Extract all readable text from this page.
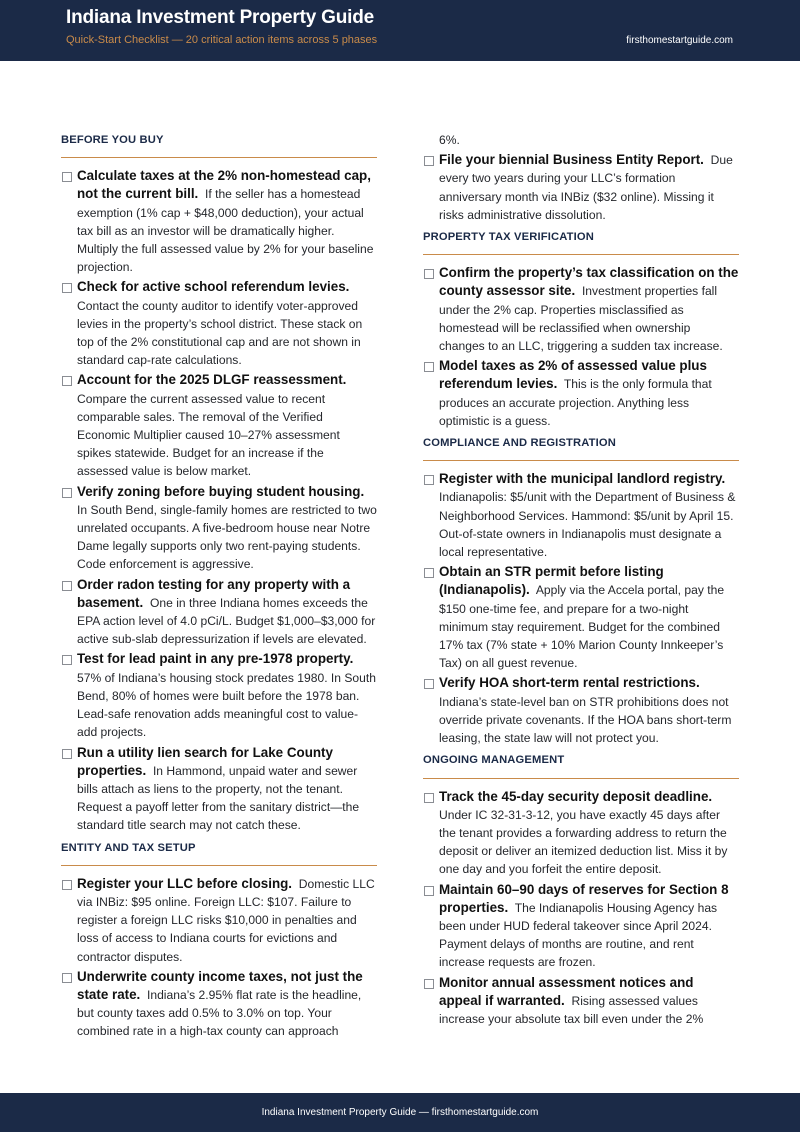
Indiana Investment Property Guide
Quick-Start Checklist — 20 critical action items across 5 phases	firsthomestartguide.com
BEFORE YOU BUY
Calculate taxes at the 2% non-homestead cap, not the current bill. If the seller has a homestead exemption (1% cap + $48,000 deduction), your actual tax bill as an investor will be dramatically higher. Multiply the full assessed value by 2% for your baseline projection.
Check for active school referendum levies.  Contact the county auditor to identify voter-approved levies in the property’s school district. These stack on top of the 2% constitutional cap and are not shown in standard cap-rate calculations.
Account for the 2025 DLGF reassessment.  Compare the current assessed value to recent comparable sales. The removal of the Verified Economic Multiplier caused 10–27% assessment spikes statewide. Budget for an increase if the assessed value is below market.
Verify zoning before buying student housing.  In South Bend, single-family homes are restricted to two unrelated occupants. A five-bedroom house near Notre Dame legally supports only two rent-paying students. Code enforcement is aggressive.
Order radon testing for any property with a basement. One in three Indiana homes exceeds the EPA action level of 4.0 pCi/L. Budget $1,000–$3,000 for active sub-slab depressurization if levels are elevated.
Test for lead paint in any pre-1978 property.  57% of Indiana’s housing stock predates 1980. In South Bend, 80% of homes were built before the 1978 ban. Lead-safe renovation adds meaningful cost to value-add projects.
Run a utility lien search for Lake County properties. In Hammond, unpaid water and sewer bills attach as liens to the property, not the tenant. Request a payoff letter from the sanitary district—the standard title search may not catch these.
ENTITY AND TAX SETUP
Register your LLC before closing. Domestic LLC via INBiz: $95 online. Foreign LLC: $107. Failure to register a foreign LLC risks $10,000 in penalties and loss of access to Indiana courts for evictions and contractor disputes.
Underwrite county income taxes, not just the state rate. Indiana’s 2.95% flat rate is the headline, but county taxes add 0.5% to 3.0% on top. Your combined rate in a high-tax county can approach
6%.
File your biennial Business Entity Report. Due every two years during your LLC’s formation anniversary month via INBiz ($32 online). Missing it risks administrative dissolution.
PROPERTY TAX VERIFICATION
Confirm the property’s tax classification on the county assessor site. Investment properties fall under the 2% cap. Properties misclassified as homestead will be reclassified when ownership changes to an LLC, triggering a sudden tax increase.
Model taxes as 2% of assessed value plus referendum levies. This is the only formula that produces an accurate projection. Anything less optimistic is a guess.
COMPLIANCE AND REGISTRATION
Register with the municipal landlord registry.  Indianapolis: $5/unit with the Department of Business & Neighborhood Services. Hammond: $5/unit by April 15. Out-of-state owners in Indianapolis must designate a local representative.
Obtain an STR permit before listing (Indianapolis). Apply via the Accela portal, pay the $150 one-time fee, and prepare for a two-night minimum stay requirement. Budget for the combined 17% tax (7% state + 10% Marion County Innkeeper’s Tax) on all guest revenue.
Verify HOA short-term rental restrictions.  Indiana’s state-level ban on STR prohibitions does not override private covenants. If the HOA bans short-term leasing, the state law will not protect you.
ONGOING MANAGEMENT
Track the 45-day security deposit deadline.  Under IC 32-31-3-12, you have exactly 45 days after the tenant provides a forwarding address to return the deposit or deliver an itemized deduction list. Miss it by one day and you forfeit the entire deposit.
Maintain 60–90 days of reserves for Section 8 properties. The Indianapolis Housing Agency has been under HUD federal takeover since April 2024. Payment delays of months are routine, and rent increase requests are frozen.
Monitor annual assessment notices and appeal if warranted. Rising assessed values increase your absolute tax bill even under the 2%
Indiana Investment Property Guide — firsthomestartguide.com
